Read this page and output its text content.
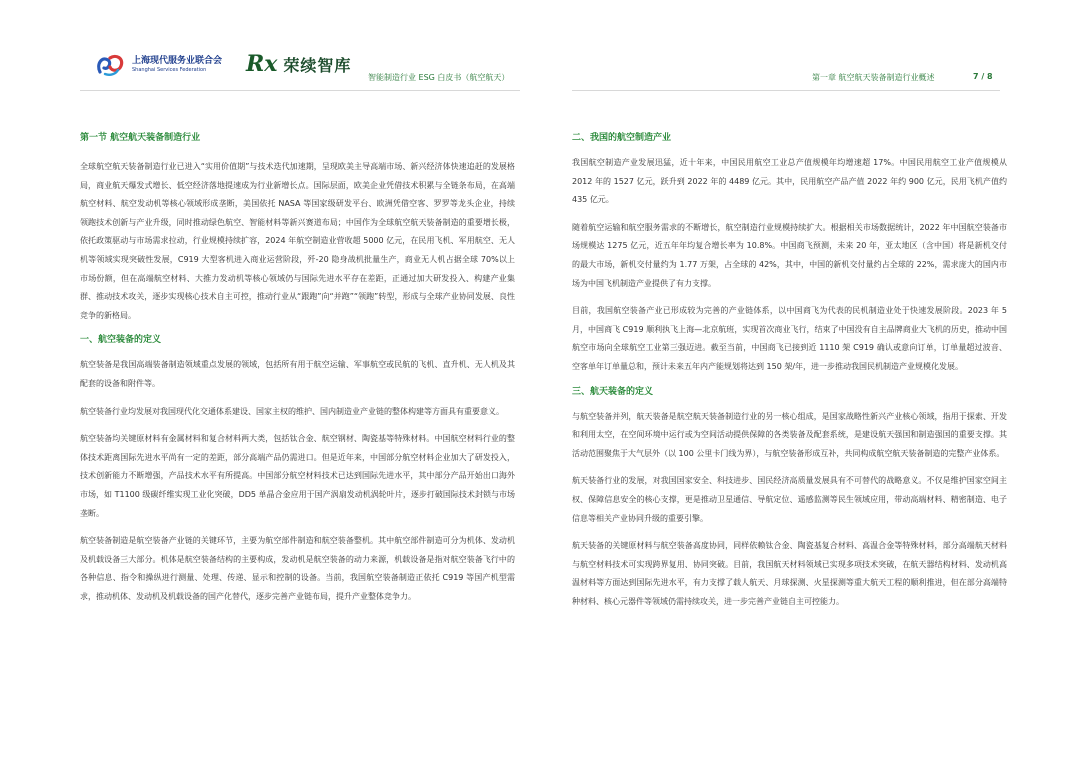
上海现代服务业联合会
Shanghai Services Federation	Rx 荣续智库
智能制造行业 ESG 白皮书（航空航天）	第一章 航空航天装备制造行业概述	7 / 8
第一节 航空航天装备制造行业

全球航空航天装备制造行业已进入“实用价值期”与技术迭代加速期，呈现欧美主导高端市场、新兴经济体快速追赶的发展格局，商业航天爆发式增长、低空经济落地提速成为行业新增长点。国际层面，欧美企业凭借技术积累与全链条布局，在高端航空材料、航空发动机等核心领域形成垄断，美国依托 NASA 等国家级研发平台、欧洲凭借空客、罗罗等龙头企业，持续领跑技术创新与产业升级，同时推动绿色航空、智能材料等新兴赛道布局；中国作为全球航空航天装备制造的重要增长极，依托政策驱动与市场需求拉动，行业规模持续扩容，2024 年航空制造业营收超 5000 亿元，在民用飞机、军用航空、无人机等领域实现突破性发展，C919 大型客机进入商业运营阶段，歼-20 隐身战机批量生产，商业无人机占据全球 70%以上市场份额，但在高端航空材料、大推力发动机等核心领域仍与国际先进水平存在差距，正通过加大研发投入、构建产业集群、推动技术攻关，逐步实现核心技术自主可控，推动行业从“跟跑”向“并跑”“领跑”转型，形成与全球产业协同发展、良性竞争的新格局。

一、航空装备的定义

航空装备是我国高端装备制造领域重点发展的领域，包括所有用于航空运输、军事航空或民航的飞机、直升机、无人机及其配套的设备和附件等。

航空装备行业均发展对我国现代化交通体系建设、国家主权的维护、国内制造业产业链的整体构建等方面具有重要意义。

航空装备均关键原材料有金属材料和复合材料两大类，包括钛合金、航空钢材、陶瓷基等特殊材料。中国航空材料行业的整体技术距离国际先进水平尚有一定的差距，部分高端产品仍需进口。但是近年来，中国部分航空材料企业加大了研发投入，技术创新能力不断增强，产品技术水平有所提高。中国部分航空材料技术已达到国际先进水平，其中部分产品开始出口海外市场，如 T1100 级碳纤维实现工业化突破，DD5 单晶合金应用于国产涡扇发动机涡轮叶片，逐步打破国际技术封锁与市场垄断。

航空装备制造是航空装备产业链的关键环节，主要为航空部件制造和航空装备整机。其中航空部件制造可分为机体、发动机及机载设备三大部分。机体是航空装备结构的主要构成，发动机是航空装备的动力来源，机载设备是指对航空装备飞行中的各种信息、指令和操纵进行测量、处理、传递、显示和控制的设备。当前，我国航空装备制造正依托 C919 等国产机型需求，推动机体、发动机及机载设备的国产化替代，逐步完善产业链布局，提升产业整体竞争力。

二、我国的航空制造产业

我国航空制造产业发展迅猛，近十年来，中国民用航空工业总产值规模年均增速超 17%。中国民用航空工业产值规模从 2012 年的 1527 亿元，跃升到 2022 年的 4489 亿元。其中，民用航空产品产值 2022 年约 900 亿元，民用飞机产值约 435 亿元。

随着航空运输和航空服务需求的不断增长，航空制造行业规模持续扩大。根据相关市场数据统计，2022 年中国航空装备市场规模达 1275 亿元，近五年年均复合增长率为 10.8%。中国商飞预测，未来 20 年，亚太地区（含中国）将是新机交付的最大市场，新机交付量约为 1.77 万架，占全球的 42%，其中，中国的新机交付量约占全球的 22%，需求庞大的国内市场为中国飞机制造产业提供了有力支撑。

目前，我国航空装备产业已形成较为完善的产业链体系，以中国商飞为代表的民机制造业处于快速发展阶段。2023 年 5 月，中国商飞 C919 顺利执飞上海—北京航班，实现首次商业飞行，结束了中国没有自主品牌商业大飞机的历史，推动中国航空市场向全球航空工业第三强迈进。截至当前，中国商飞已接到近 1110 架 C919 确认或意向订单，订单量超过波音、空客单年订单量总和，预计未来五年内产能规划将达到 150 架/年，进一步推动我国民机制造产业规模化发展。

三、航天装备的定义

与航空装备并列，航天装备是航空航天装备制造行业的另一核心组成，是国家战略性新兴产业核心领域，指用于探索、开发和利用太空，在空间环境中运行或为空间活动提供保障的各类装备及配套系统，是建设航天强国和制造强国的重要支撑。其活动范围聚焦于大气层外（以 100 公里卡门线为界），与航空装备形成互补，共同构成航空航天装备制造的完整产业体系。

航天装备行业的发展，对我国国家安全、科技进步、国民经济高质量发展具有不可替代的战略意义。不仅是维护国家空间主权、保障信息安全的核心支撑，更是推动卫星通信、导航定位、遥感监测等民生领域应用，带动高端材料、精密制造、电子信息等相关产业协同升级的重要引擎。

航天装备的关键原材料与航空装备高度协同，同样依赖钛合金、陶瓷基复合材料、高温合金等特殊材料，部分高端航天材料与航空材料技术可实现跨界复用、协同突破。目前，我国航天材料领域已实现多项技术突破，在航天器结构材料、发动机高温材料等方面达到国际先进水平，有力支撑了载人航天、月球探测、火星探测等重大航天工程的顺利推进，但在部分高端特种材料、核心元器件等领域仍需持续攻关，进一步完善产业链自主可控能力。
